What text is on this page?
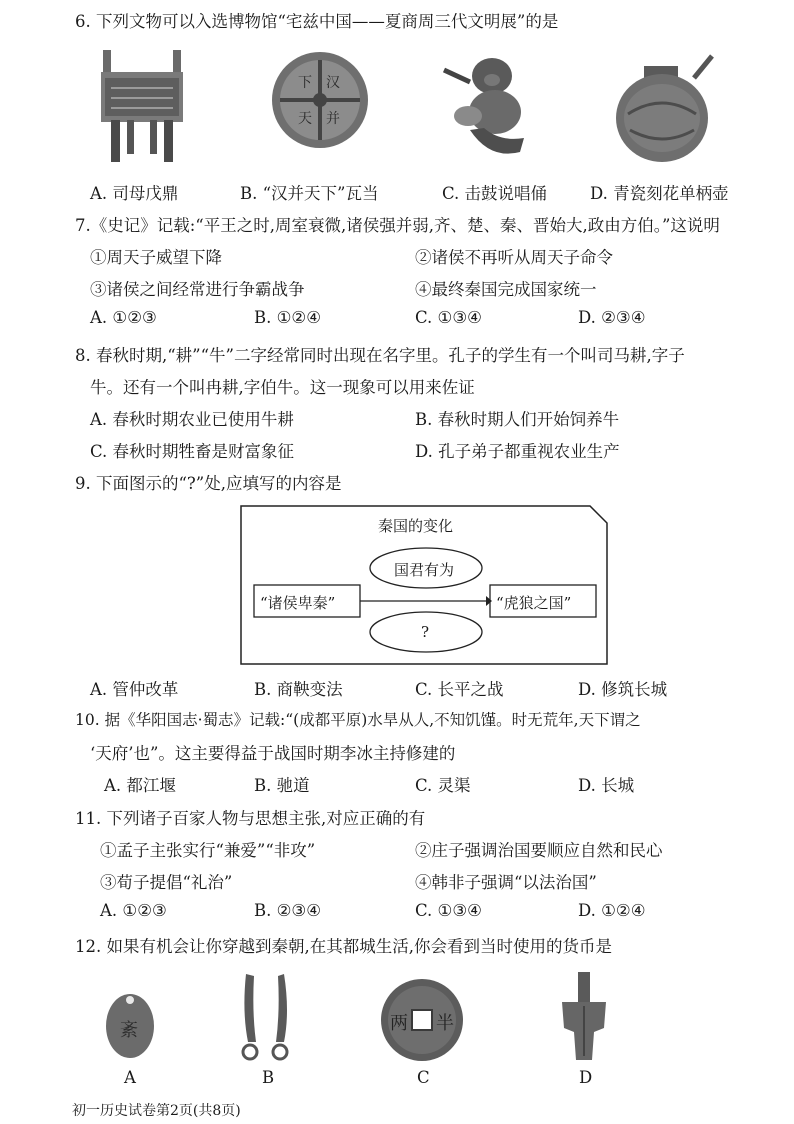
6. 下列文物可以入选博物馆“宅兹中国——夏商周三代文明展”的是
汉
并
天
下
A. 司母戊鼎	B. “汉并天下”瓦当	C. 击鼓说唱俑	D. 青瓷刻花单柄壶
7.《史记》记载:“平王之时,周室衰微,诸侯强并弱,齐、楚、秦、晋始大,政由方伯。”这说明
①周天子威望下降	②诸侯不再听从周天子命令
③诸侯之间经常进行争霸战争	④最终秦国完成国家统一
A. ①②③	B. ①②④	C. ①③④	D. ②③④
8. 春秋时期,“耕”“牛”二字经常同时出现在名字里。孔子的学生有一个叫司马耕,字子
牛。还有一个叫冉耕,字伯牛。这一现象可以用来佐证
A. 春秋时期农业已使用牛耕	B. 春秋时期人们开始饲养牛
C. 春秋时期牲畜是财富象征	D. 孔子弟子都重视农业生产
9. 下面图示的“?”处,应填写的内容是
秦国的变化
国君有为
?
“诸侯卑秦”	“虎狼之国”
A. 管仲改革	B. 商鞅变法	C. 长平之战	D. 修筑长城
10. 据《华阳国志·蜀志》记载:“(成都平原)水旱从人,不知饥馑。时无荒年,天下谓之
‘天府’也”。这主要得益于战国时期李冰主持修建的
A. 都江堰	B. 驰道	C. 灵渠	D. 长城
11. 下列诸子百家人物与思想主张,对应正确的有
①孟子主张实行“兼爱”“非攻”	②庄子强调治国要顺应自然和民心
③荀子提倡“礼治”	④韩非子强调“以法治国”
A. ①②③	B. ②③④	C. ①③④	D. ①②④
12. 如果有机会让你穿越到秦朝,在其都城生活,你会看到当时使用的货币是
紊
A	B
两 半
C	D
初一历史试卷第2页(共8页)
